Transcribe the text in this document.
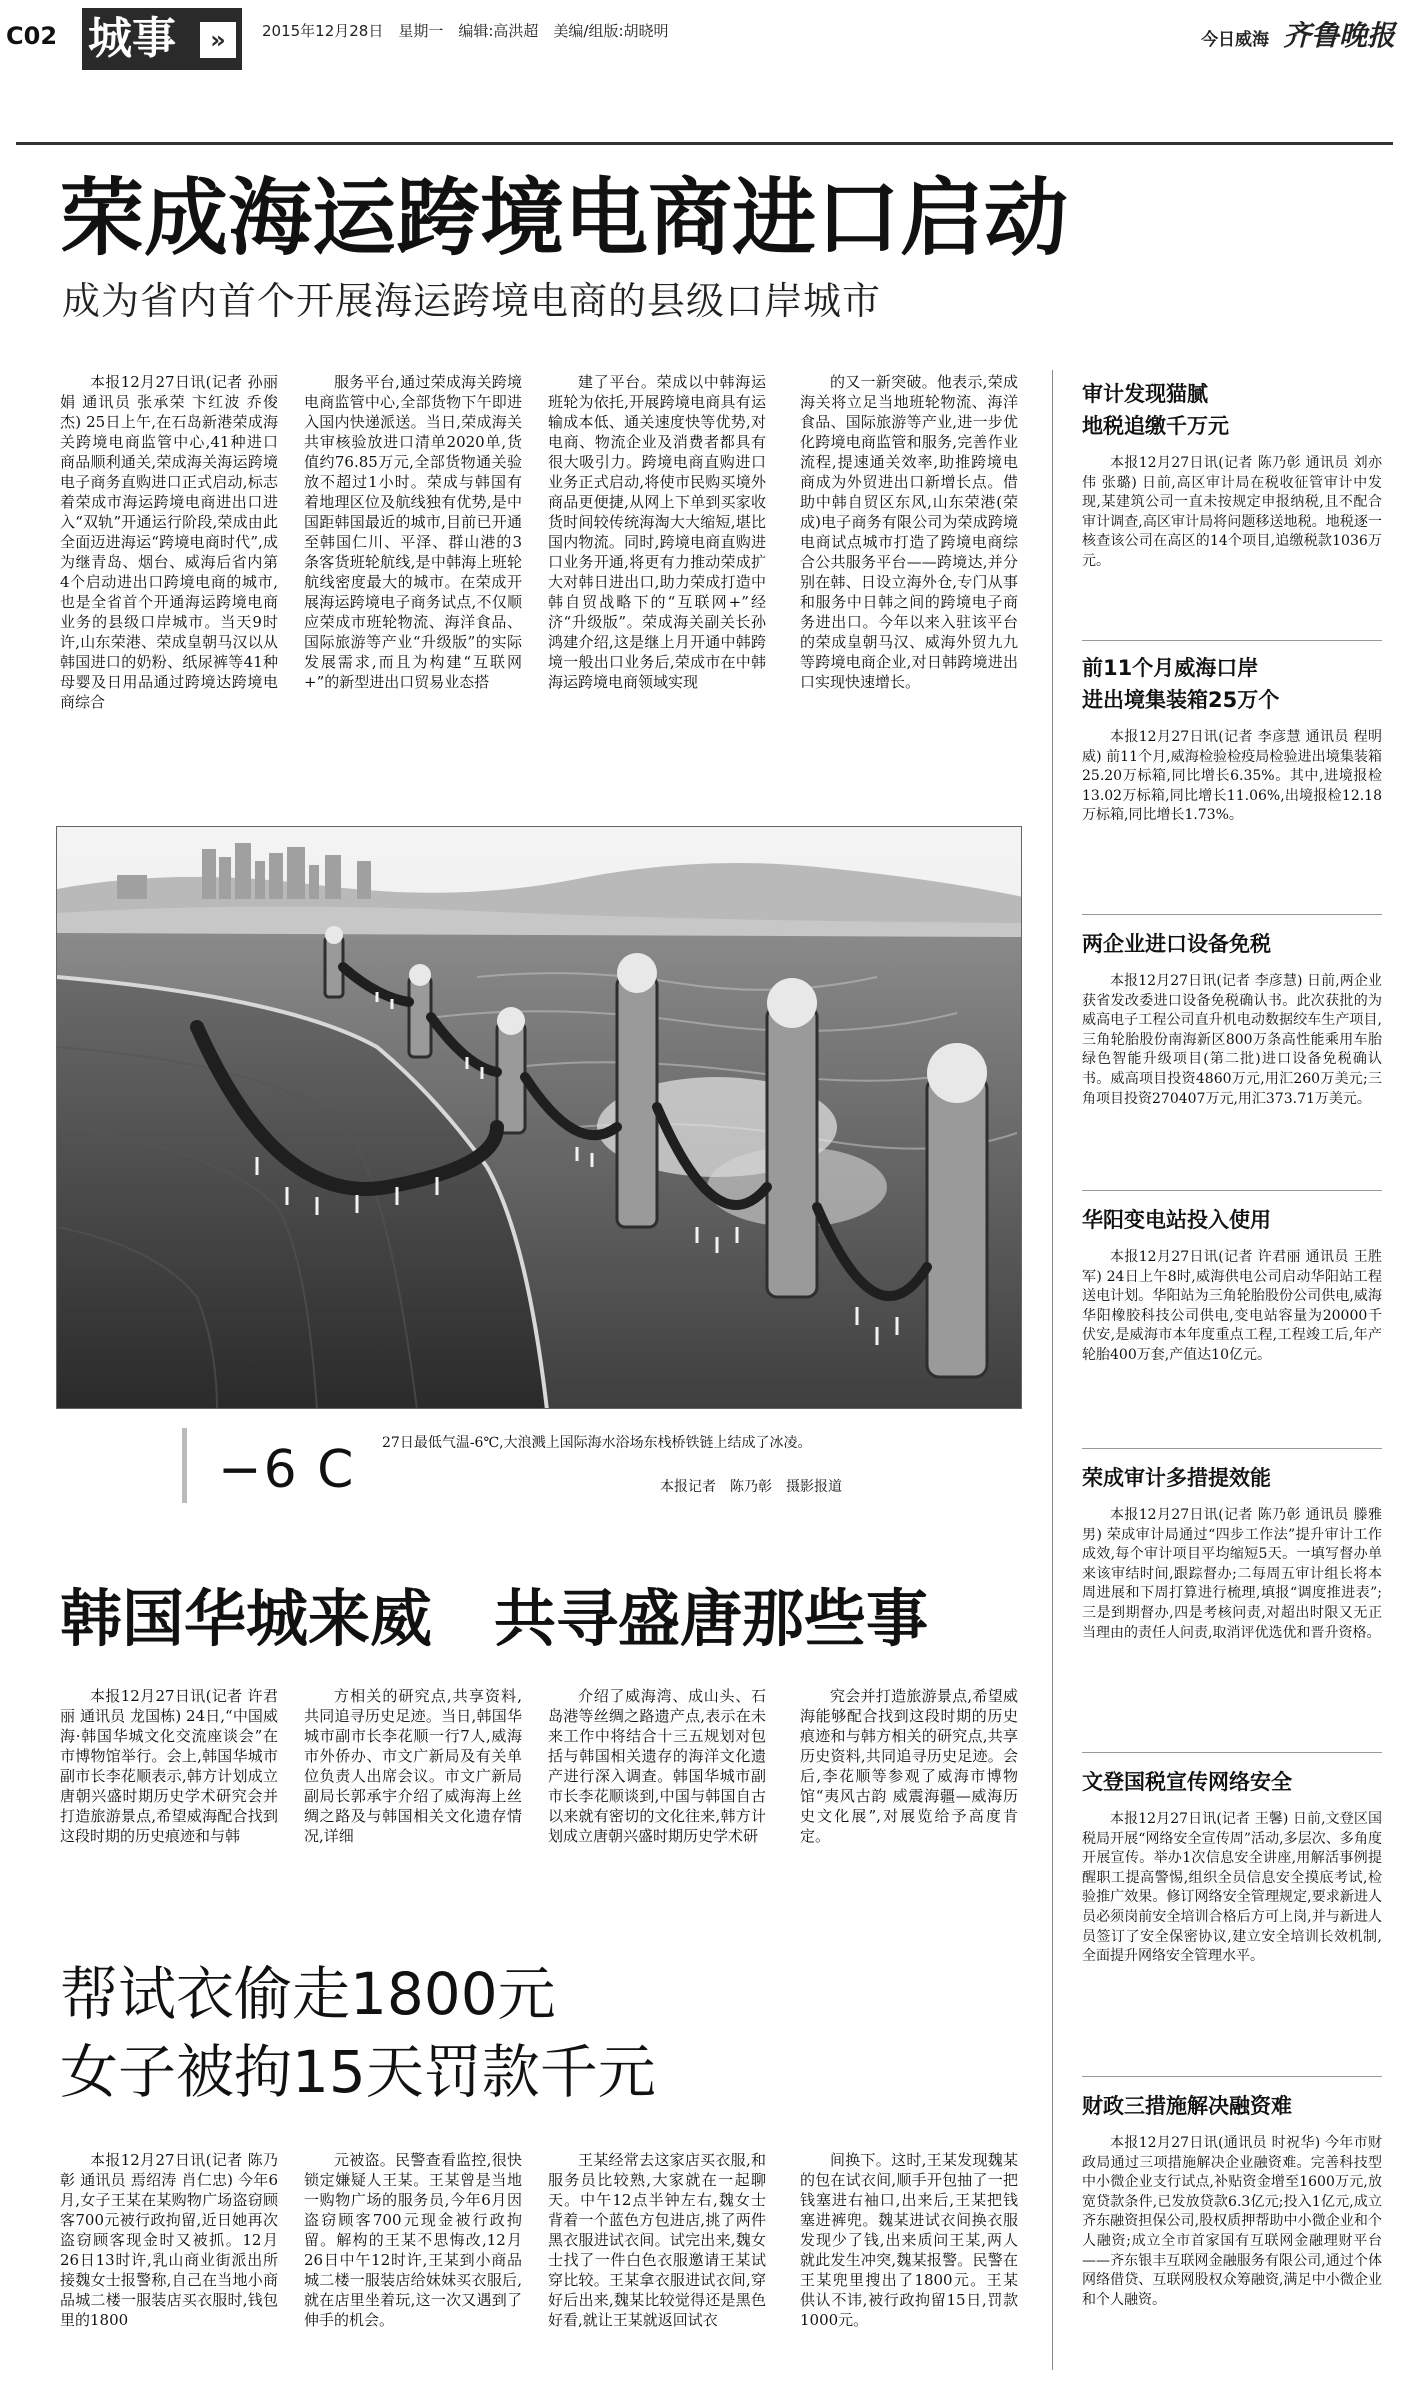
C02 城事	»	2015年12月28日　星期一　编辑:高洪超　美编/组版:胡晓明	今日威海 齐鲁晚报
荣成海运跨境电商进口启动
成为省内首个开展海运跨境电商的县级口岸城市
本报12月27日讯(记者 孙丽娟 通讯员 张承荣 卞红波 乔俊杰) 25日上午,在石岛新港荣成海关跨境电商监管中心,41种进口商品顺利通关,荣成海关海运跨境电子商务直购进口正式启动,标志着荣成市海运跨境电商进出口进入“双轨”开通运行阶段,荣成由此全面迈进海运“跨境电商时代”,成为继青岛、烟台、威海后省内第4个启动进出口跨境电商的城市,也是全省首个开通海运跨境电商业务的县级口岸城市。当天9时许,山东荣港、荣成皇朝马汉以从韩国进口的奶粉、纸尿裤等41种母婴及日用品通过跨境达跨境电商综合
服务平台,通过荣成海关跨境电商监管中心,全部货物下午即进入国内快递派送。当日,荣成海关共审核验放进口清单2020单,货值约76.85万元,全部货物通关验放不超过1小时。荣成与韩国有着地理区位及航线独有优势,是中国距韩国最近的城市,目前已开通至韩国仁川、平泽、群山港的3条客货班轮航线,是中韩海上班轮航线密度最大的城市。在荣成开展海运跨境电子商务试点,不仅顺应荣成市班轮物流、海洋食品、国际旅游等产业“升级版”的实际发展需求,而且为构建“互联网+”的新型进出口贸易业态搭
建了平台。荣成以中韩海运班轮为依托,开展跨境电商具有运输成本低、通关速度快等优势,对电商、物流企业及消费者都具有很大吸引力。跨境电商直购进口业务正式启动,将使市民购买境外商品更便捷,从网上下单到买家收货时间较传统海淘大大缩短,堪比国内物流。同时,跨境电商直购进口业务开通,将更有力推动荣成扩大对韩日进出口,助力荣成打造中韩自贸战略下的“互联网+”经济“升级版”。荣成海关副关长孙鸿建介绍,这是继上月开通中韩跨境一般出口业务后,荣成市在中韩海运跨境电商领域实现
的又一新突破。他表示,荣成海关将立足当地班轮物流、海洋食品、国际旅游等产业,进一步优化跨境电商监管和服务,完善作业流程,提速通关效率,助推跨境电商成为外贸进出口新增长点。借助中韩自贸区东风,山东荣港(荣成)电子商务有限公司为荣成跨境电商试点城市打造了跨境电商综合公共服务平台——跨境达,并分别在韩、日设立海外仓,专门从事和服务中日韩之间的跨境电子商务进出口。今年以来入驻该平台的荣成皇朝马汉、威海外贸九九等跨境电商企业,对日韩跨境进出口实现快速增长。
−6 C 27日最低气温-6℃,大浪溅上国际海水浴场东栈桥铁链上结成了冰凌。
本报记者　陈乃彰　摄影报道
韩国华城来威　共寻盛唐那些事
本报12月27日讯(记者 许君丽 通讯员 龙国栋) 24日,“中国威海·韩国华城文化交流座谈会”在市博物馆举行。会上,韩国华城市副市长李花顺表示,韩方计划成立唐朝兴盛时期历史学术研究会并打造旅游景点,希望威海配合找到这段时期的历史痕迹和与韩
方相关的研究点,共享资料,共同追寻历史足迹。当日,韩国华城市副市长李花顺一行7人,威海市外侨办、市文广新局及有关单位负责人出席会议。市文广新局副局长郭承宇介绍了威海海上丝绸之路及与韩国相关文化遗存情况,详细
介绍了威海湾、成山头、石岛港等丝绸之路遗产点,表示在未来工作中将结合十三五规划对包括与韩国相关遗存的海洋文化遗产进行深入调查。韩国华城市副市长李花顺谈到,中国与韩国自古以来就有密切的文化往来,韩方计划成立唐朝兴盛时期历史学术研
究会并打造旅游景点,希望威海能够配合找到这段时期的历史痕迹和与韩方相关的研究点,共享历史资料,共同追寻历史足迹。会后,李花顺等参观了威海市博物馆“夷风古韵 威震海疆—威海历史文化展”,对展览给予高度肯定。
帮试衣偷走1800元
女子被拘15天罚款千元
本报12月27日讯(记者 陈乃彰 通讯员 焉绍涛 肖仁忠) 今年6月,女子王某在某购物广场盗窃顾客700元被行政拘留,近日她再次盗窃顾客现金时又被抓。12月26日13时许,乳山商业街派出所接魏女士报警称,自己在当地小商品城二楼一服装店买衣服时,钱包里的1800
元被盗。民警查看监控,很快锁定嫌疑人王某。王某曾是当地一购物广场的服务员,今年6月因盗窃顾客700元现金被行政拘留。解构的王某不思悔改,12月26日中午12时许,王某到小商品城二楼一服装店给妹妹买衣服后,就在店里坐着玩,这一次又遇到了伸手的机会。
王某经常去这家店买衣服,和服务员比较熟,大家就在一起聊天。中午12点半钟左右,魏女士背着一个蓝色方包进店,挑了两件黑衣服进试衣间。试完出来,魏女士找了一件白色衣服邀请王某试穿比较。王某拿衣服进试衣间,穿好后出来,魏某比较觉得还是黑色好看,就让王某就返回试衣
间换下。这时,王某发现魏某的包在试衣间,顺手开包抽了一把钱塞进右袖口,出来后,王某把钱塞进裤兜。魏某进试衣间换衣服发现少了钱,出来质问王某,两人就此发生冲突,魏某报警。民警在王某兜里搜出了1800元。王某供认不讳,被行政拘留15日,罚款1000元。
审计发现猫腻
地税追缴千万元
本报12月27日讯(记者 陈乃彰 通讯员 刘亦伟 张璐) 日前,高区审计局在税收征管审计中发现,某建筑公司一直未按规定申报纳税,且不配合审计调查,高区审计局将问题移送地税。地税逐一核查该公司在高区的14个项目,追缴税款1036万元。
前11个月威海口岸
进出境集装箱25万个
本报12月27日讯(记者 李彦慧 通讯员 程明威) 前11个月,威海检验检疫局检验进出境集装箱25.20万标箱,同比增长6.35%。其中,进境报检13.02万标箱,同比增长11.06%,出境报检12.18万标箱,同比增长1.73%。
两企业进口设备免税
本报12月27日讯(记者 李彦慧) 日前,两企业获省发改委进口设备免税确认书。此次获批的为威高电子工程公司直升机电动数据绞车生产项目,三角轮胎股份南海新区800万条高性能乘用车胎绿色智能升级项目(第二批)进口设备免税确认书。威高项目投资4860万元,用汇260万美元;三角项目投资270407万元,用汇373.71万美元。
华阳变电站投入使用
本报12月27日讯(记者 许君丽 通讯员 王胜军) 24日上午8时,威海供电公司启动华阳站工程送电计划。华阳站为三角轮胎股份公司供电,威海华阳橡胶科技公司供电,变电站容量为20000千伏安,是威海市本年度重点工程,工程竣工后,年产轮胎400万套,产值达10亿元。
荣成审计多措提效能
本报12月27日讯(记者 陈乃彰 通讯员 滕雅男) 荣成审计局通过“四步工作法”提升审计工作成效,每个审计项目平均缩短5天。一填写督办单来该审结时间,跟踪督办;二每周五审计组长将本周进展和下周打算进行梳理,填报“调度推进表”;三是到期督办,四是考核问责,对超出时限又无正当理由的责任人问责,取消评优选优和晋升资格。
文登国税宣传网络安全
本报12月27日讯(记者 王馨) 日前,文登区国税局开展“网络安全宣传周”活动,多层次、多角度开展宣传。举办1次信息安全讲座,用解活事例提醒职工提高警惕,组织全员信息安全摸底考试,检验推广效果。修订网络安全管理规定,要求新进人员必须岗前安全培训合格后方可上岗,并与新进人员签订了安全保密协议,建立安全培训长效机制,全面提升网络安全管理水平。
财政三措施解决融资难
本报12月27日讯(通讯员 时祝华) 今年市财政局通过三项措施解决企业融资难。完善科技型中小微企业支行试点,补贴资金增至1600万元,放宽贷款条件,已发放贷款6.3亿元;投入1亿元,成立齐东融资担保公司,股权质押帮助中小微企业和个人融资;成立全市首家国有互联网金融理财平台——齐东银丰互联网金融服务有限公司,通过个体网络借贷、互联网股权众筹融资,满足中小微企业和个人融资。
